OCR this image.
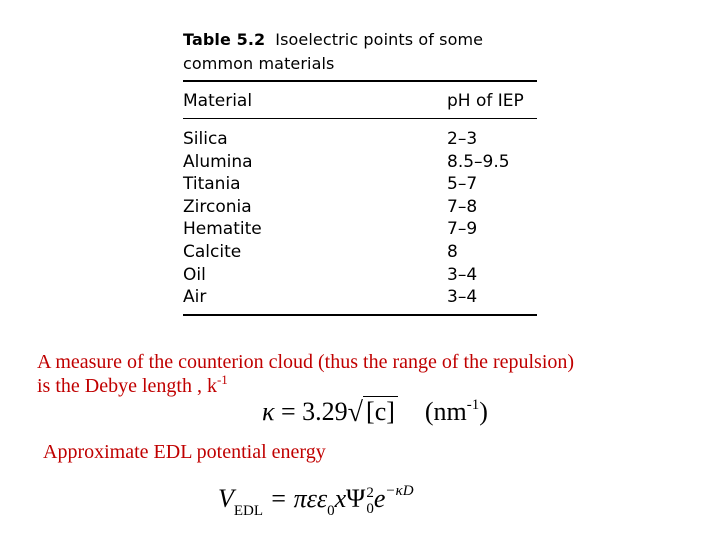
Table 5.2 Isoelectric points of some
common materials
Material	pH of IEP
Silica	2–3
Alumina	8.5–9.5
Titania	5–7
Zirconia	7–8
Hematite	7–9
Calcite	8
Oil	3–4
Air	3–4
A measure of the counterion cloud (thus the range of the repulsion)
is the Debye length , $k^{-1}$
κ = 3.29√ [c] $(nm^{-1})$
Approximate EDL potential energy
$V_{EDL} = \pi\varepsilon\varepsilon_0x\Psi$ 2
0 $e^{-\kappa D}$
